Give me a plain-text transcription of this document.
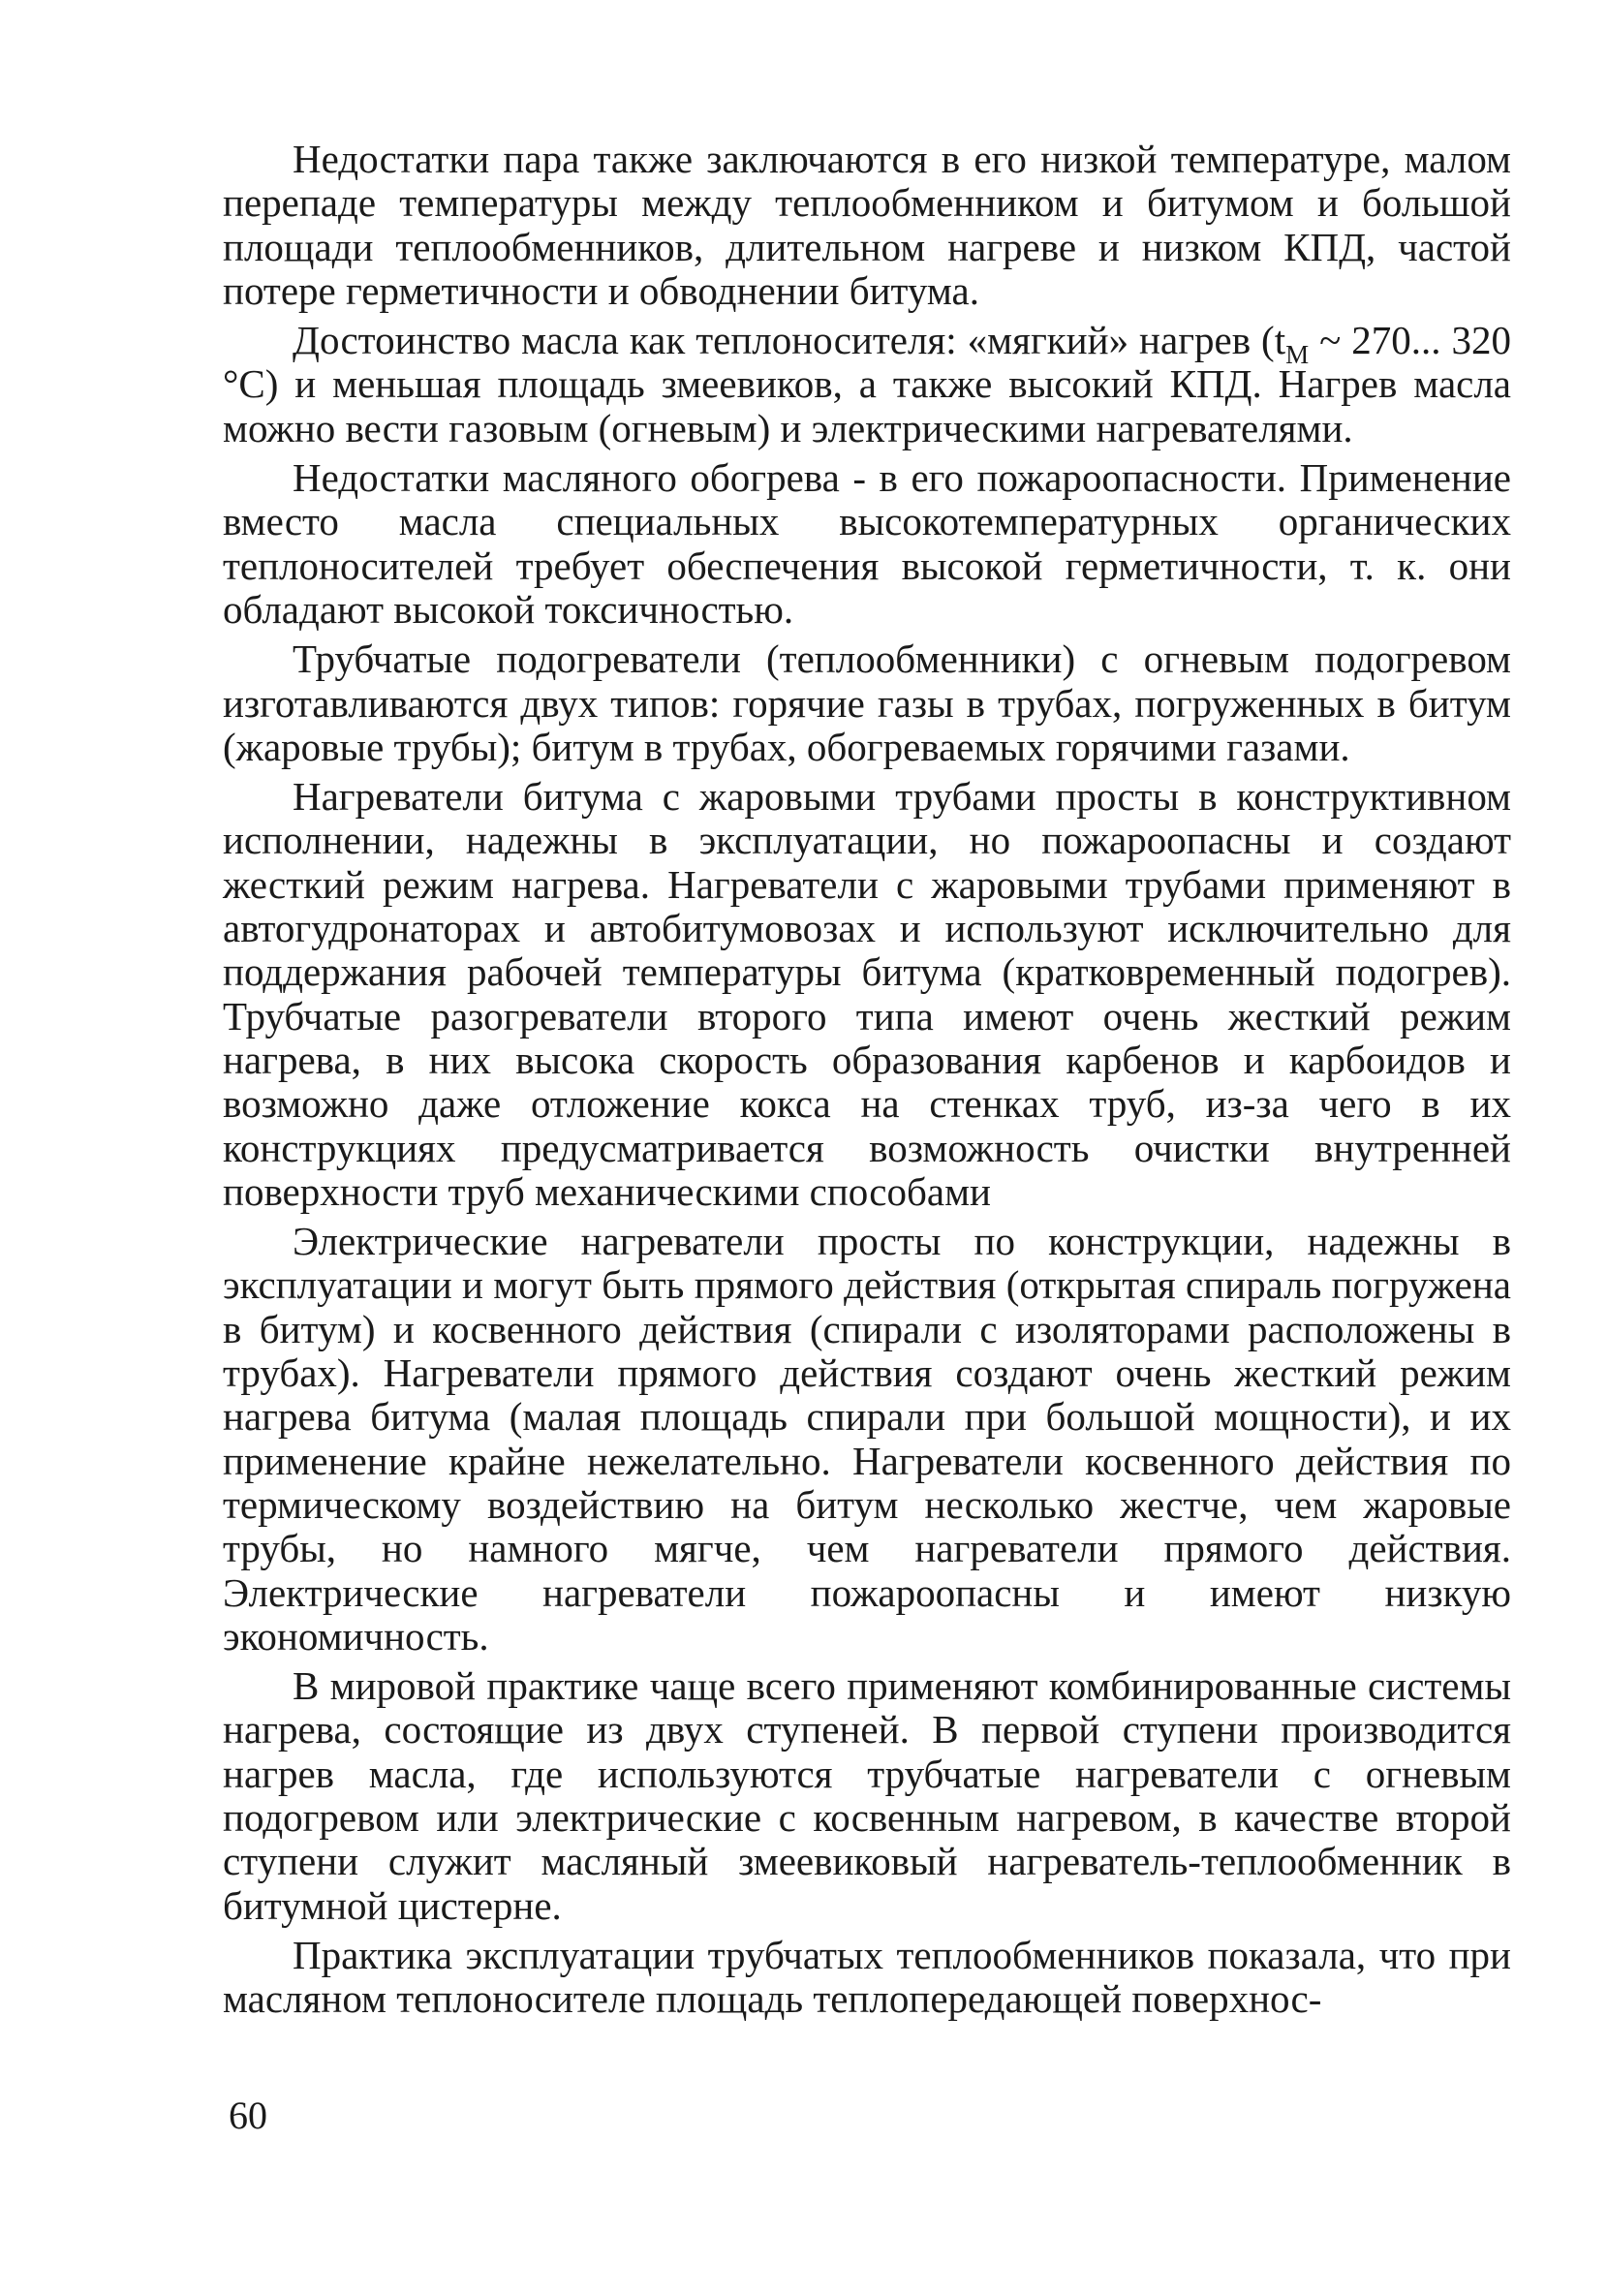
Недостатки пара также заключаются в его низкой температуре, малом перепаде температуры между теплообменником и битумом и большой площади теплообменников, длительном нагреве и низком КПД, частой потере герметичности и обводнении битума.

Достоинство масла как теплоносителя: «мягкий» нагрев ($t_М$ ~ 270... 320 °С) и меньшая площадь змеевиков, а также высокий КПД. Нагрев масла можно вести газовым (огневым) и электрическими нагревателями.

Недостатки масляного обогрева - в его пожароопасности. Применение вместо масла специальных высокотемпературных органических теплоносителей требует обеспечения высокой герметичности, т. к. они обладают высокой токсичностью.

Трубчатые подогреватели (теплообменники) с огневым подогревом изготавливаются двух типов: горячие газы в трубах, погруженных в битум (жаровые трубы); битум в трубах, обогреваемых горячими газами.

Нагреватели битума с жаровыми трубами просты в конструктивном исполнении, надежны в эксплуатации, но пожароопасны и создают жесткий режим нагрева. Нагреватели с жаровыми трубами применяют в автогудронаторах и автобитумовозах и используют исключительно для поддержания рабочей температуры битума (кратковременный подогрев). Трубчатые разогреватели второго типа имеют очень жесткий режим нагрева, в них высока скорость образования карбенов и карбоидов и возможно даже отложение кокса на стенках труб, из-за чего в их конструкциях предусматривается возможность очистки внутренней поверхности труб механическими способами

Электрические нагреватели просты по конструкции, надежны в эксплуатации и могут быть прямого действия (открытая спираль погружена в битум) и косвенного действия (спирали с изоляторами расположены в трубах). Нагреватели прямого действия создают очень жесткий режим нагрева битума (малая площадь спирали при большой мощности), и их применение крайне нежелательно. Нагреватели косвенного действия по термическому воздействию на битум несколько жестче, чем жаровые трубы, но намного мягче, чем нагреватели прямого действия. Электрические нагреватели пожароопасны и имеют низкую экономичность.

В мировой практике чаще всего применяют комбинированные системы нагрева, состоящие из двух ступеней. В первой ступени производится нагрев масла, где используются трубчатые нагреватели с огневым подогревом или электрические с косвенным нагревом, в качестве второй ступени служит масляный змеевиковый нагреватель-теплообменник в битумной цистерне.

Практика эксплуатации трубчатых теплообменников показала, что при масляном теплоносителе площадь теплопередающей поверхнос-

60
